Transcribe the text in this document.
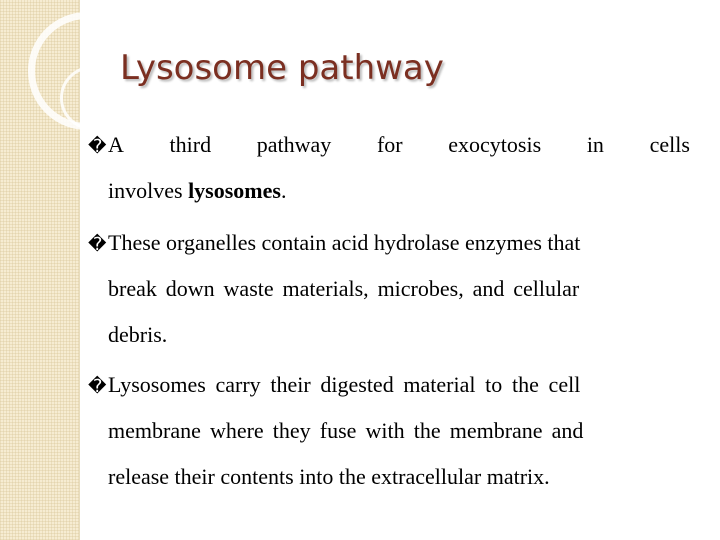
Lysosome pathway
�A third pathway for exocytosis in cells
involves lysosomes.
�These organelles contain acid hydrolase enzymes that
break down waste materials, microbes, and cellular
debris.
�Lysosomes carry their digested material to the cell
membrane where they fuse with the membrane and
release their contents into the extracellular matrix.
